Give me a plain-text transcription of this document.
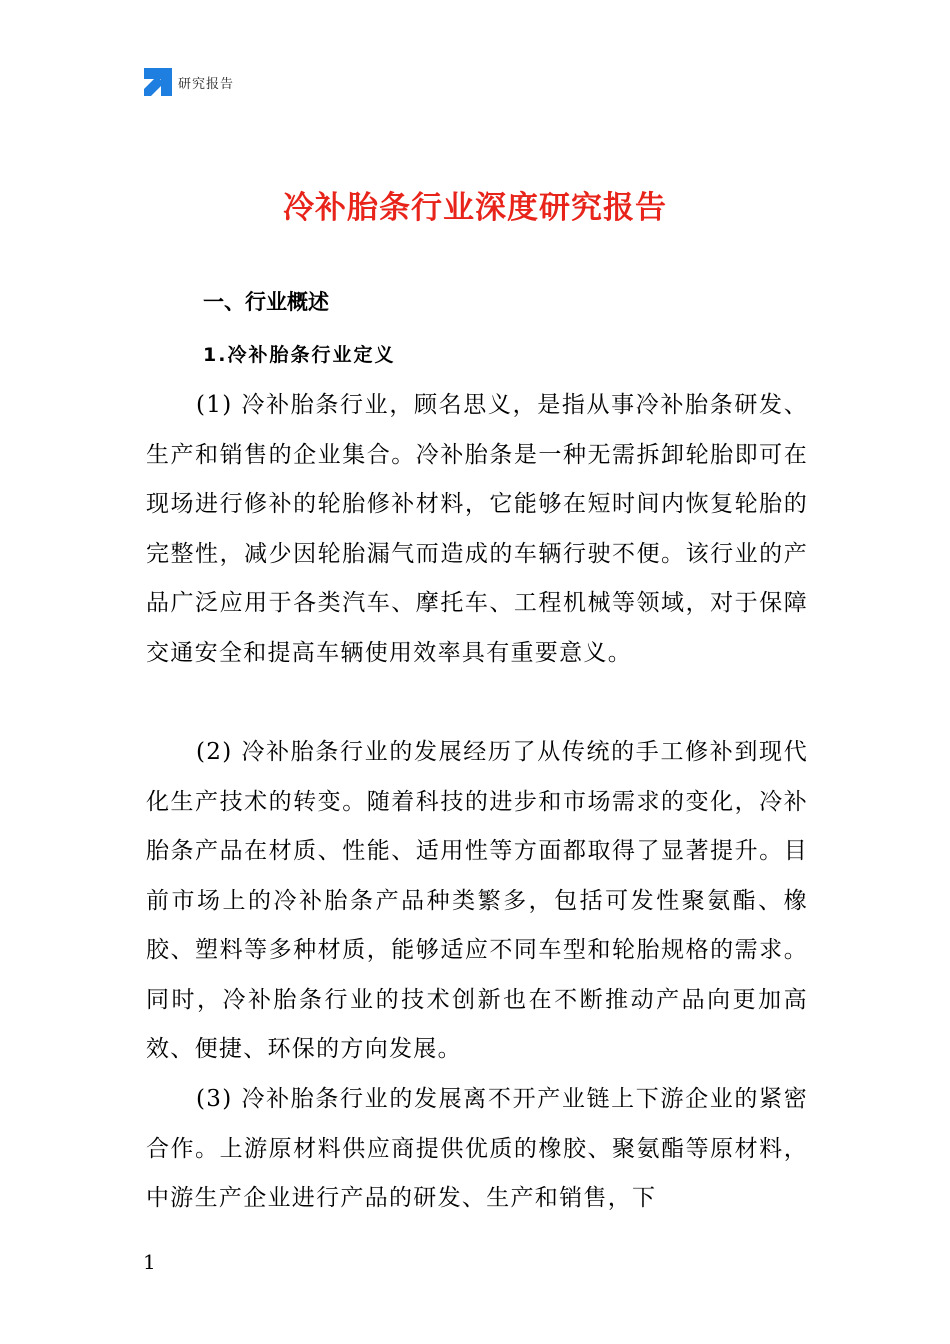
研究报告
冷补胎条行业深度研究报告
一、行业概述
1.冷补胎条行业定义

(1) 冷补胎条行业，顾名思义，是指从事冷补胎条研发、生产和销售的企业集合。冷补胎条是一种无需拆卸轮胎即可在现场进行修补的轮胎修补材料，它能够在短时间内恢复轮胎的完整性，减少因轮胎漏气而造成的车辆行驶不便。该行业的产品广泛应用于各类汽车、摩托车、工程机械等领域，对于保障交通安全和提高车辆使用效率具有重要意义。

(2) 冷补胎条行业的发展经历了从传统的手工修补到现代化生产技术的转变。随着科技的进步和市场需求的变化，冷补胎条产品在材质、性能、适用性等方面都取得了显著提升。目前市场上的冷补胎条产品种类繁多，包括可发性聚氨酯、橡胶、塑料等多种材质，能够适应不同车型和轮胎规格的需求。同时，冷补胎条行业的技术创新也在不断推动产品向更加高效、便捷、环保的方向发展。

(3) 冷补胎条行业的发展离不开产业链上下游企业的紧密合作。上游原材料供应商提供优质的橡胶、聚氨酯等原材料，中游生产企业进行产品的研发、生产和销售，下

1
